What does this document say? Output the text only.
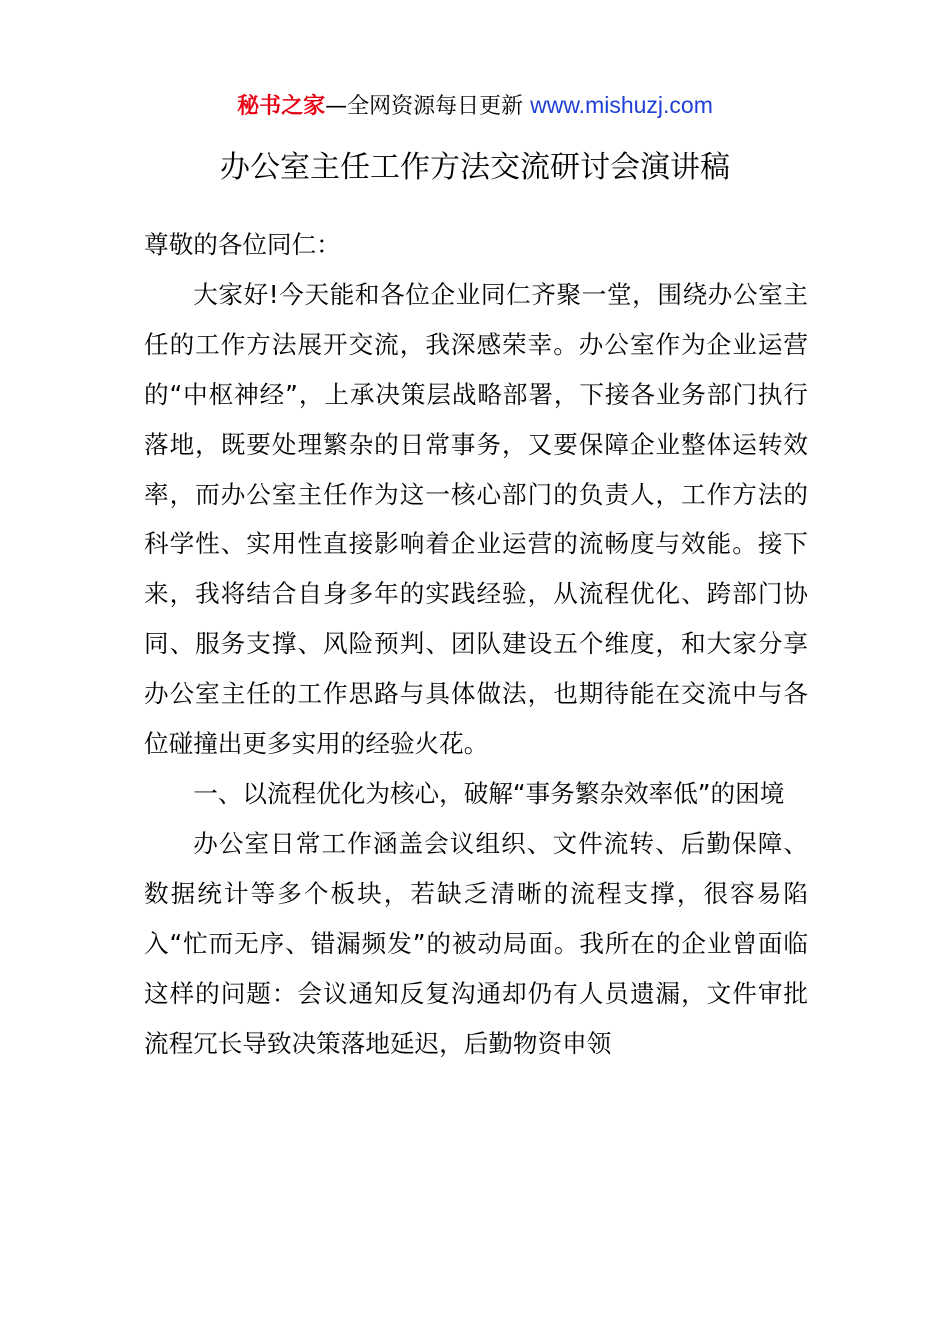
秘书之家—全网资源每日更新 www.mishuzj.com
办公室主任工作方法交流研讨会演讲稿

尊敬的各位同仁：

大家好!今天能和各位企业同仁齐聚一堂，围绕办公室主任的工作方法展开交流，我深感荣幸。办公室作为企业运营的“中枢神经”，上承决策层战略部署，下接各业务部门执行落地，既要处理繁杂的日常事务，又要保障企业整体运转效率，而办公室主任作为这一核心部门的负责人，工作方法的科学性、实用性直接影响着企业运营的流畅度与效能。接下来，我将结合自身多年的实践经验，从流程优化、跨部门协同、服务支撑、风险预判、团队建设五个维度，和大家分享办公室主任的工作思路与具体做法，也期待能在交流中与各位碰撞出更多实用的经验火花。

一、以流程优化为核心，破解“事务繁杂效率低”的困境

办公室日常工作涵盖会议组织、文件流转、后勤保障、数据统计等多个板块，若缺乏清晰的流程支撑，很容易陷入“忙而无序、错漏频发”的被动局面。我所在的企业曾面临这样的问题：会议通知反复沟通却仍有人员遗漏，文件审批流程冗长导致决策落地延迟，后勤物资申领
